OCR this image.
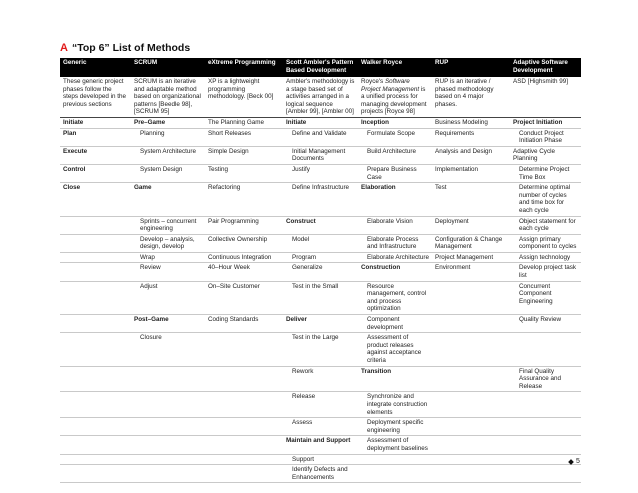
A “Top 6” List of Methods
Generic	SCRUM	eXtreme Programming	Scott Ambler's Pattern Based Development	Walker Royce	RUP	Adaptive Software Development
These generic project phases follow the steps developed in the previous sections	SCRUM is an iterative and adaptable method based on organizational patterns [Beedle 98], [SCRUM 95]	XP is a lightweight programming methodology. [Beck 00]	Ambler's methodology is a stage based set of activities arranged in a logical sequence [Ambler 99], [Ambler 00]	Royce's Software Project Management is a unified process for managing development projects [Royce 98]	RUP is an iterative / phased methodology based on 4 major phases.	ASD [Highsmith 99]
Initiate	Pre–Game	The Planning Game	Initiate	Inception	Business Modeling	Project Initiation
Plan	Planning	Short Releases	Define and Validate	Formulate Scope	Requirements	Conduct Project Initiation Phase

Execute	System Architecture	Simple Design	Initial Management Documents	Build Architecture	Analysis and Design	Adaptive Cycle Planning
Control	System Design	Testing	Justify	Prepare Business Case	Implementation	Determine Project Time Box

Close	Game	Refactoring	Define Infrastructure	Elaboration	Test	Determine optimal number of cycles and time box for each cycle

	Sprints – concurrent engineering	Pair Programming	Construct	Elaborate Vision	Deployment	Object statement for each cycle

	Develop – analysis, design, develop	Collective Ownership	Model	Elaborate Process and Infrastructure	Configuration & Change Management	Assign primary component to cycles

	Wrap	Continuous Integration	Program	Elaborate Architecture	Project Management	Assign technology

	Review	40–Hour Week	Generalize	Construction	Environment	Develop project task list

	Adjust	On–Site Customer	Test in the Small	Resource management, control and process optimization		Concurrent Component Engineering

	Post–Game	Coding Standards	Deliver	Component development		Quality Review

	Closure		Test in the Large	Assessment of product releases against acceptance criteria		

			Rework	Transition		Final Quality Assurance and Release

			Release	Synchronize and integrate construction elements		

			Assess	Deployment specific engineering		

			Maintain and Support	Assessment of deployment baselines		

			Support			

			Identify Defects and Enhancements			

5
